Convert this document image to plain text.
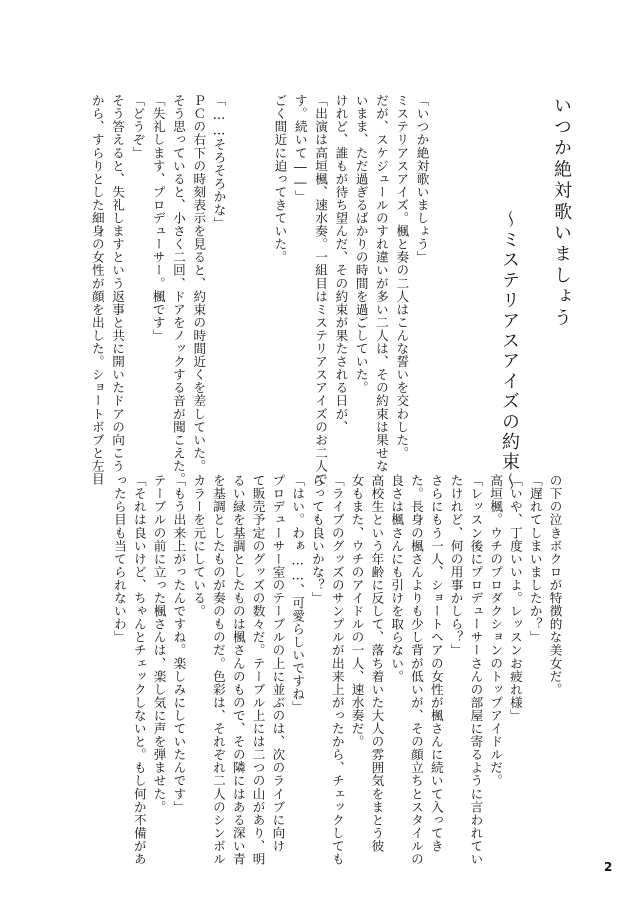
いつか絶対歌いましょう
～ミステリアスアイズの約束～
「いつか絶対歌いましょう」
ミステリアスアイズ。楓と奏の二人はこんな誓いを交わした。
だが、スケジュールのすれ違いが多い二人は、その約束は果せな
いまま、ただ過ぎるばかりの時間を過ごしていた。
けれど、誰もが待ち望んだ、その約束が果たされる日が、
「出演は高垣楓、速水奏。一組目はミステリアスアイズのお二人で
す。続いて――」
ごく間近に迫ってきていた。
「……そろそろかな」
ＰＣの右下の時刻表示を見ると、約束の時間近くを差していた。
そう思っていると、小さく二回、ドアをノックする音が聞こえた。
「失礼します、プロデューサー。楓です」
「どうぞ」
そう答えると、失礼しますという返事と共に開いたドアの向こう
から、すらりとした細身の女性が顔を出した。ショートボブと左目
の下の泣きボクロが特徴的な美女だ。
「遅れてしまいましたか？」
「いや、丁度いいよ。レッスンお疲れ様」
高垣楓。ウチのプロダクションのトップアイドルだ。
「レッスン後にプロデューサーさんの部屋に寄るように言われてい
たけれど、何の用事かしら？」
さらにもう一人、ショートヘアの女性が楓さんに続いて入ってき
た。長身の楓さんよりも少し背が低いが、その顔立ちとスタイルの
良さは楓さんにも引けを取らない。
高校生という年齢に反して、落ち着いた大人の雰囲気をまとう彼
女もまた、ウチのアイドルの一人、速水奏だ。
「ライブのグッズのサンプルが出来上がったから、チェックしても
らっても良いかな？」
「はい。わぁ……、可愛らしいですね」
プロデューサー室のテーブルの上に並ぶのは、次のライブに向け
て販売予定のグッズの数々だ。テーブル上には二つの山があり、明
るい緑を基調としたものは楓さんのもので、その隣にはある深い青
を基調としたものが奏のものだ。色彩は、それぞれ二人のシンボル
カラーを元にしている。
「もう出来上がったんですね。楽しみにしていたんです」
テーブルの前に立った楓さんは、楽し気に声を弾ませた。
「それは良いけど、ちゃんとチェックしないと。もし何か不備があ
ったら目も当てられないわ」
2
